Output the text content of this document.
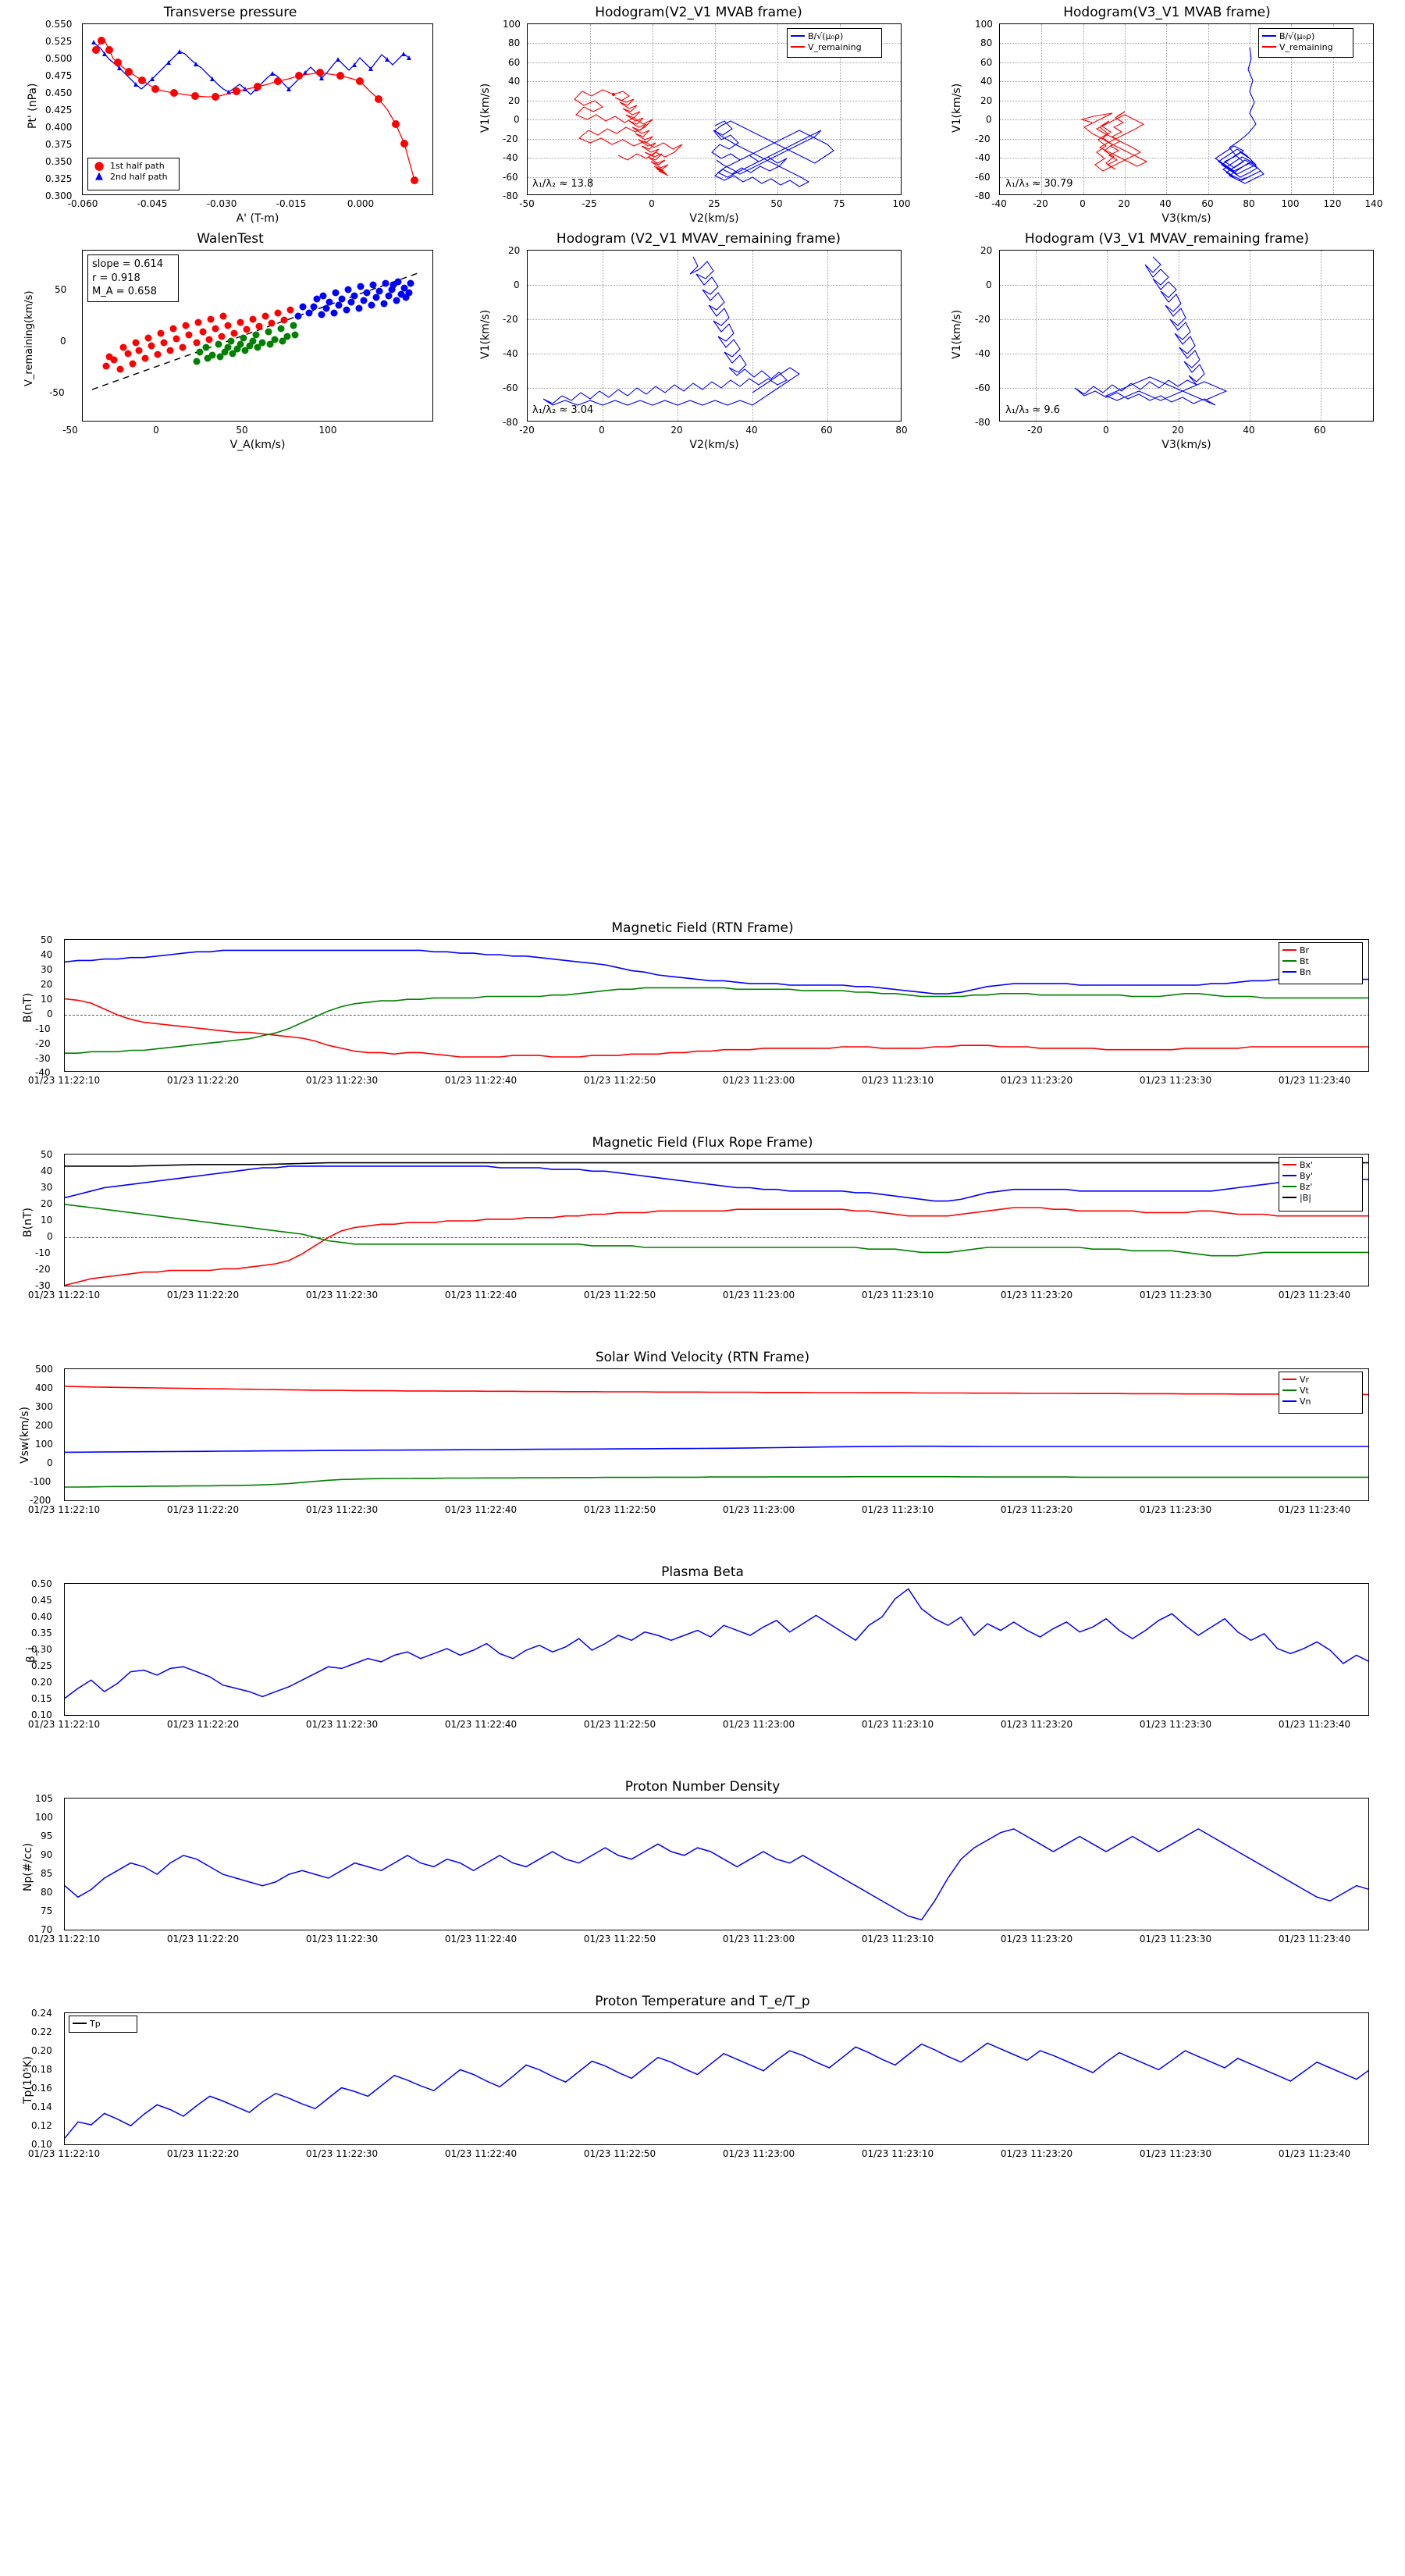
Transverse pressure
Pt' (nPa)
A' (T-m)
0.550
0.525
0.500
0.475
0.450
0.425
0.400
0.375
0.350
0.325
0.300
-0.060	-0.045	-0.030	-0.015	0.000
● 1st half path
▲ 2nd half path
Hodogram(V2_V1 MVAB frame)
V1(km/s)
V2(km/s)
100
80
60
40
20
0
-20
-40
-60
-80
-50	-25	0	25	50	75	100
λ₁/λ₂ ≈ 13.8
B/√(μ₀ρ)
V_remaining
Hodogram(V3_V1 MVAB frame)
V1(km/s)
V3(km/s)
100
80
60
40
20
0
-20
-40
-60
-80
-40	-20	0	20	40	60	80	100	120	140
λ₁/λ₃ ≈ 30.79
B/√(μ₀ρ)
V_remaining
WalenTest
V_remaining(km/s)
V_A(km/s)
50
0
-50
-50	0	50	100
slope = 0.614
r = 0.918
M_A = 0.658
Hodogram (V2_V1 MVAV_remaining frame)
V1(km/s)
V2(km/s)
20
0
-20
-40
-60
-80
-20	0	20	40	60	80
λ₁/λ₂ ≈ 3.04
Hodogram (V3_V1 MVAV_remaining frame)
V1(km/s)
V3(km/s)
20
0
-20
-40
-60
-80
-20	0	20	40	60
λ₁/λ₃ ≈ 9.6
Magnetic Field (RTN Frame)
B(nT)
50
40
30
20
10
0
-10
-20
-30
-40
Br
Bt
Bn
01/23 11:22:10	01/23 11:22:20	01/23 11:22:30	01/23 11:22:40	01/23 11:22:50	01/23 11:23:00	01/23 11:23:10	01/23 11:23:20	01/23 11:23:30	01/23 11:23:40
Magnetic Field (Flux Rope Frame)
B(nT)
50
40
30
20
10
0
-10
-20
-30
Bx'
By'
Bz'
|B|
01/23 11:22:10	01/23 11:22:20	01/23 11:22:30	01/23 11:22:40	01/23 11:22:50	01/23 11:23:00	01/23 11:23:10	01/23 11:23:20	01/23 11:23:30	01/23 11:23:40
Solar Wind Velocity (RTN Frame)
Vsw(km/s)
500
400
300
200
100
0
-100
-200
Vr
Vt
Vn
01/23 11:22:10	01/23 11:22:20	01/23 11:22:30	01/23 11:22:40	01/23 11:22:50	01/23 11:23:00	01/23 11:23:10	01/23 11:23:20	01/23 11:23:30	01/23 11:23:40
Plasma Beta
β_i
0.50
0.45
0.40
0.35
0.30
0.25
0.20
0.15
0.10
01/23 11:22:10	01/23 11:22:20	01/23 11:22:30	01/23 11:22:40	01/23 11:22:50	01/23 11:23:00	01/23 11:23:10	01/23 11:23:20	01/23 11:23:30	01/23 11:23:40
Proton Number Density
Np(#/cc)
105
100
95
90
85
80
75
70
01/23 11:22:10	01/23 11:22:20	01/23 11:22:30	01/23 11:22:40	01/23 11:22:50	01/23 11:23:00	01/23 11:23:10	01/23 11:23:20	01/23 11:23:30	01/23 11:23:40
Proton Temperature and T_e/T_p
Tp(10⁵K)
0.24
0.22
0.20
0.18
0.16
0.14
0.12
0.10
Tp
01/23 11:22:10	01/23 11:22:20	01/23 11:22:30	01/23 11:22:40	01/23 11:22:50	01/23 11:23:00	01/23 11:23:10	01/23 11:23:20	01/23 11:23:30	01/23 11:23:40
